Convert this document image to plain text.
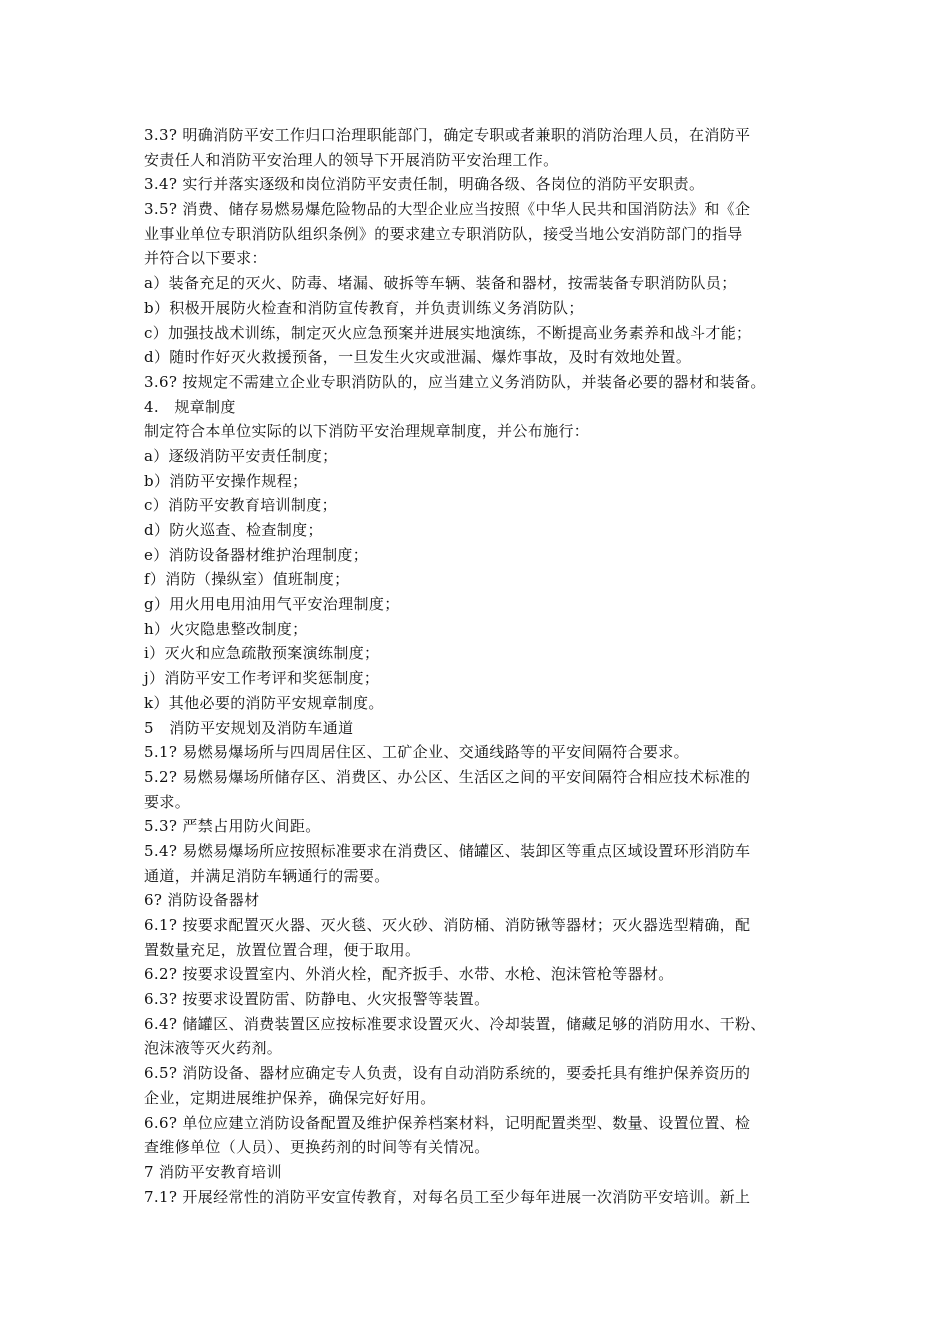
3.3? 明确消防平安工作归口治理职能部门，确定专职或者兼职的消防治理人员，在消防平
安责任人和消防平安治理人的领导下开展消防平安治理工作。
3.4? 实行并落实逐级和岗位消防平安责任制，明确各级、各岗位的消防平安职责。
3.5? 消费、储存易燃易爆危险物品的大型企业应当按照《中华人民共和国消防法》和《企
业事业单位专职消防队组织条例》的要求建立专职消防队，接受当地公安消防部门的指导
并符合以下要求：
a）装备充足的灭火、防毒、堵漏、破拆等车辆、装备和器材，按需装备专职消防队员；
b）积极开展防火检查和消防宣传教育，并负责训练义务消防队；
c）加强技战术训练，制定灭火应急预案并进展实地演练，不断提高业务素养和战斗才能；
d）随时作好灭火救援预备，一旦发生火灾或泄漏、爆炸事故，及时有效地处置。
3.6? 按规定不需建立企业专职消防队的，应当建立义务消防队，并装备必要的器材和装备。
4.　规章制度
制定符合本单位实际的以下消防平安治理规章制度，并公布施行：
a）逐级消防平安责任制度；
b）消防平安操作规程；
c）消防平安教育培训制度；
d）防火巡查、检查制度；
e）消防设备器材维护治理制度；
f）消防（操纵室）值班制度；
g）用火用电用油用气平安治理制度；
h）火灾隐患整改制度；
i）灭火和应急疏散预案演练制度；
j）消防平安工作考评和奖惩制度；
k）其他必要的消防平安规章制度。
5　消防平安规划及消防车通道
5.1? 易燃易爆场所与四周居住区、工矿企业、交通线路等的平安间隔符合要求。
5.2? 易燃易爆场所储存区、消费区、办公区、生活区之间的平安间隔符合相应技术标准的
要求。
5.3? 严禁占用防火间距。
5.4? 易燃易爆场所应按照标准要求在消费区、储罐区、装卸区等重点区域设置环形消防车
通道，并满足消防车辆通行的需要。
6? 消防设备器材
6.1? 按要求配置灭火器、灭火毯、灭火砂、消防桶、消防锹等器材；灭火器选型精确，配
置数量充足，放置位置合理，便于取用。
6.2? 按要求设置室内、外消火栓，配齐扳手、水带、水枪、泡沫管枪等器材。
6.3? 按要求设置防雷、防静电、火灾报警等装置。
6.4? 储罐区、消费装置区应按标准要求设置灭火、冷却装置，储藏足够的消防用水、干粉、
泡沫液等灭火药剂。
6.5? 消防设备、器材应确定专人负责，设有自动消防系统的，要委托具有维护保养资历的
企业，定期进展维护保养，确保完好好用。
6.6? 单位应建立消防设备配置及维护保养档案材料，记明配置类型、数量、设置位置、检
查维修单位（人员）、更换药剂的时间等有关情况。
7 消防平安教育培训
7.1? 开展经常性的消防平安宣传教育，对每名员工至少每年进展一次消防平安培训。新上
